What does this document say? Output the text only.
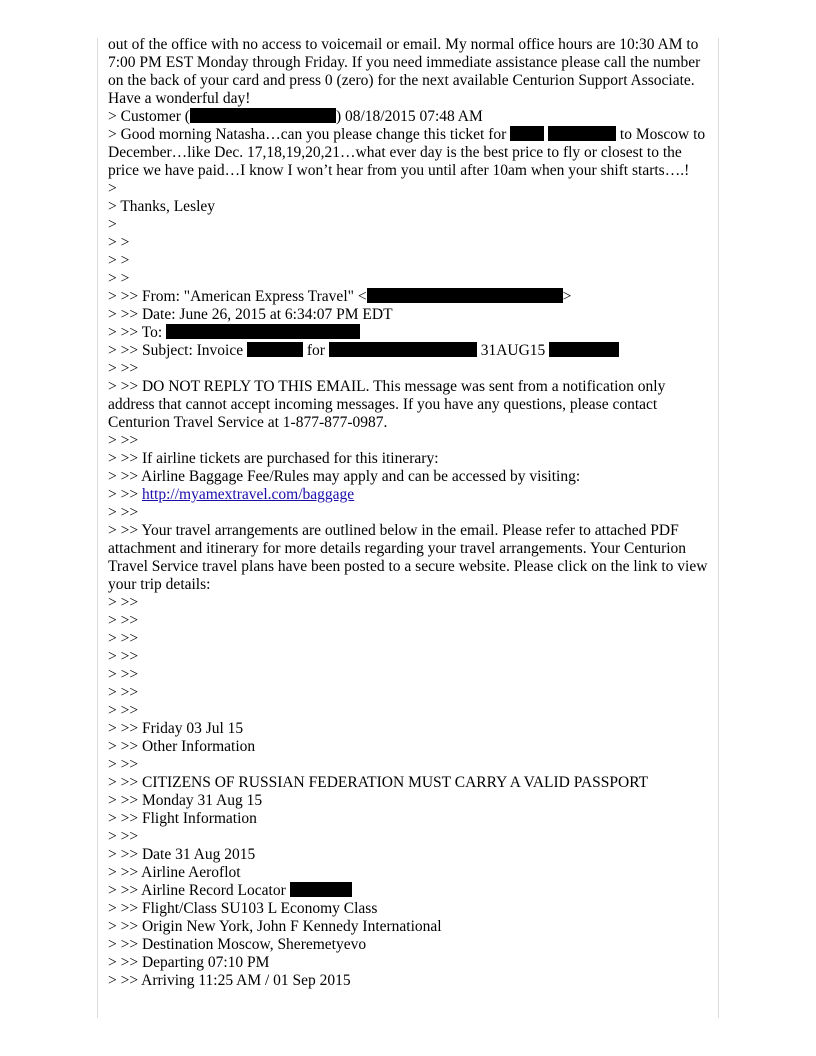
out of the office with no access to voicemail or email. My normal office hours are 10:30 AM to 7:00 PM EST Monday through Friday. If you need immediate assistance please call the number on the back of your card and press 0 (zero) for the next available Centurion Support Associate. Have a wonderful day!

> Customer (	) 08/18/2015 07:48 AM

> Good morning Natasha…can you please change this ticket for	to Moscow to December…like Dec. 17,18,19,20,21…what ever day is the best price to fly or closest to the price we have paid…I know I won’t hear from you until after 10am when your shift starts….!

>

> Thanks, Lesley

>

> >

> >

> >

> >> From: "American Express Travel" <	>

> >> Date: June 26, 2015 at 6:34:07 PM EDT

> >> To:

> >> Subject: Invoice	for	31AUG15

> >>

> >> DO NOT REPLY TO THIS EMAIL. This message was sent from a notification only address that cannot accept incoming messages. If you have any questions, please contact Centurion Travel Service at 1-877-877-0987.

> >>

> >> If airline tickets are purchased for this itinerary:

> >> Airline Baggage Fee/Rules may apply and can be accessed by visiting:

> >> http://myamextravel.com/baggage

> >>

> >> Your travel arrangements are outlined below in the email. Please refer to attached PDF attachment and itinerary for more details regarding your travel arrangements. Your Centurion Travel Service travel plans have been posted to a secure website. Please click on the link to view your trip details:

> >>

> >>

> >>

> >>

> >>

> >>

> >>

> >> Friday 03 Jul 15

> >> Other Information

> >>

> >> CITIZENS OF RUSSIAN FEDERATION MUST CARRY A VALID PASSPORT

> >> Monday 31 Aug 15

> >> Flight Information

> >>

> >> Date 31 Aug 2015

> >> Airline Aeroflot

> >> Airline Record Locator

> >> Flight/Class SU103 L Economy Class

> >> Origin New York, John F Kennedy International

> >> Destination Moscow, Sheremetyevo

> >> Departing 07:10 PM

> >> Arriving 11:25 AM / 01 Sep 2015
